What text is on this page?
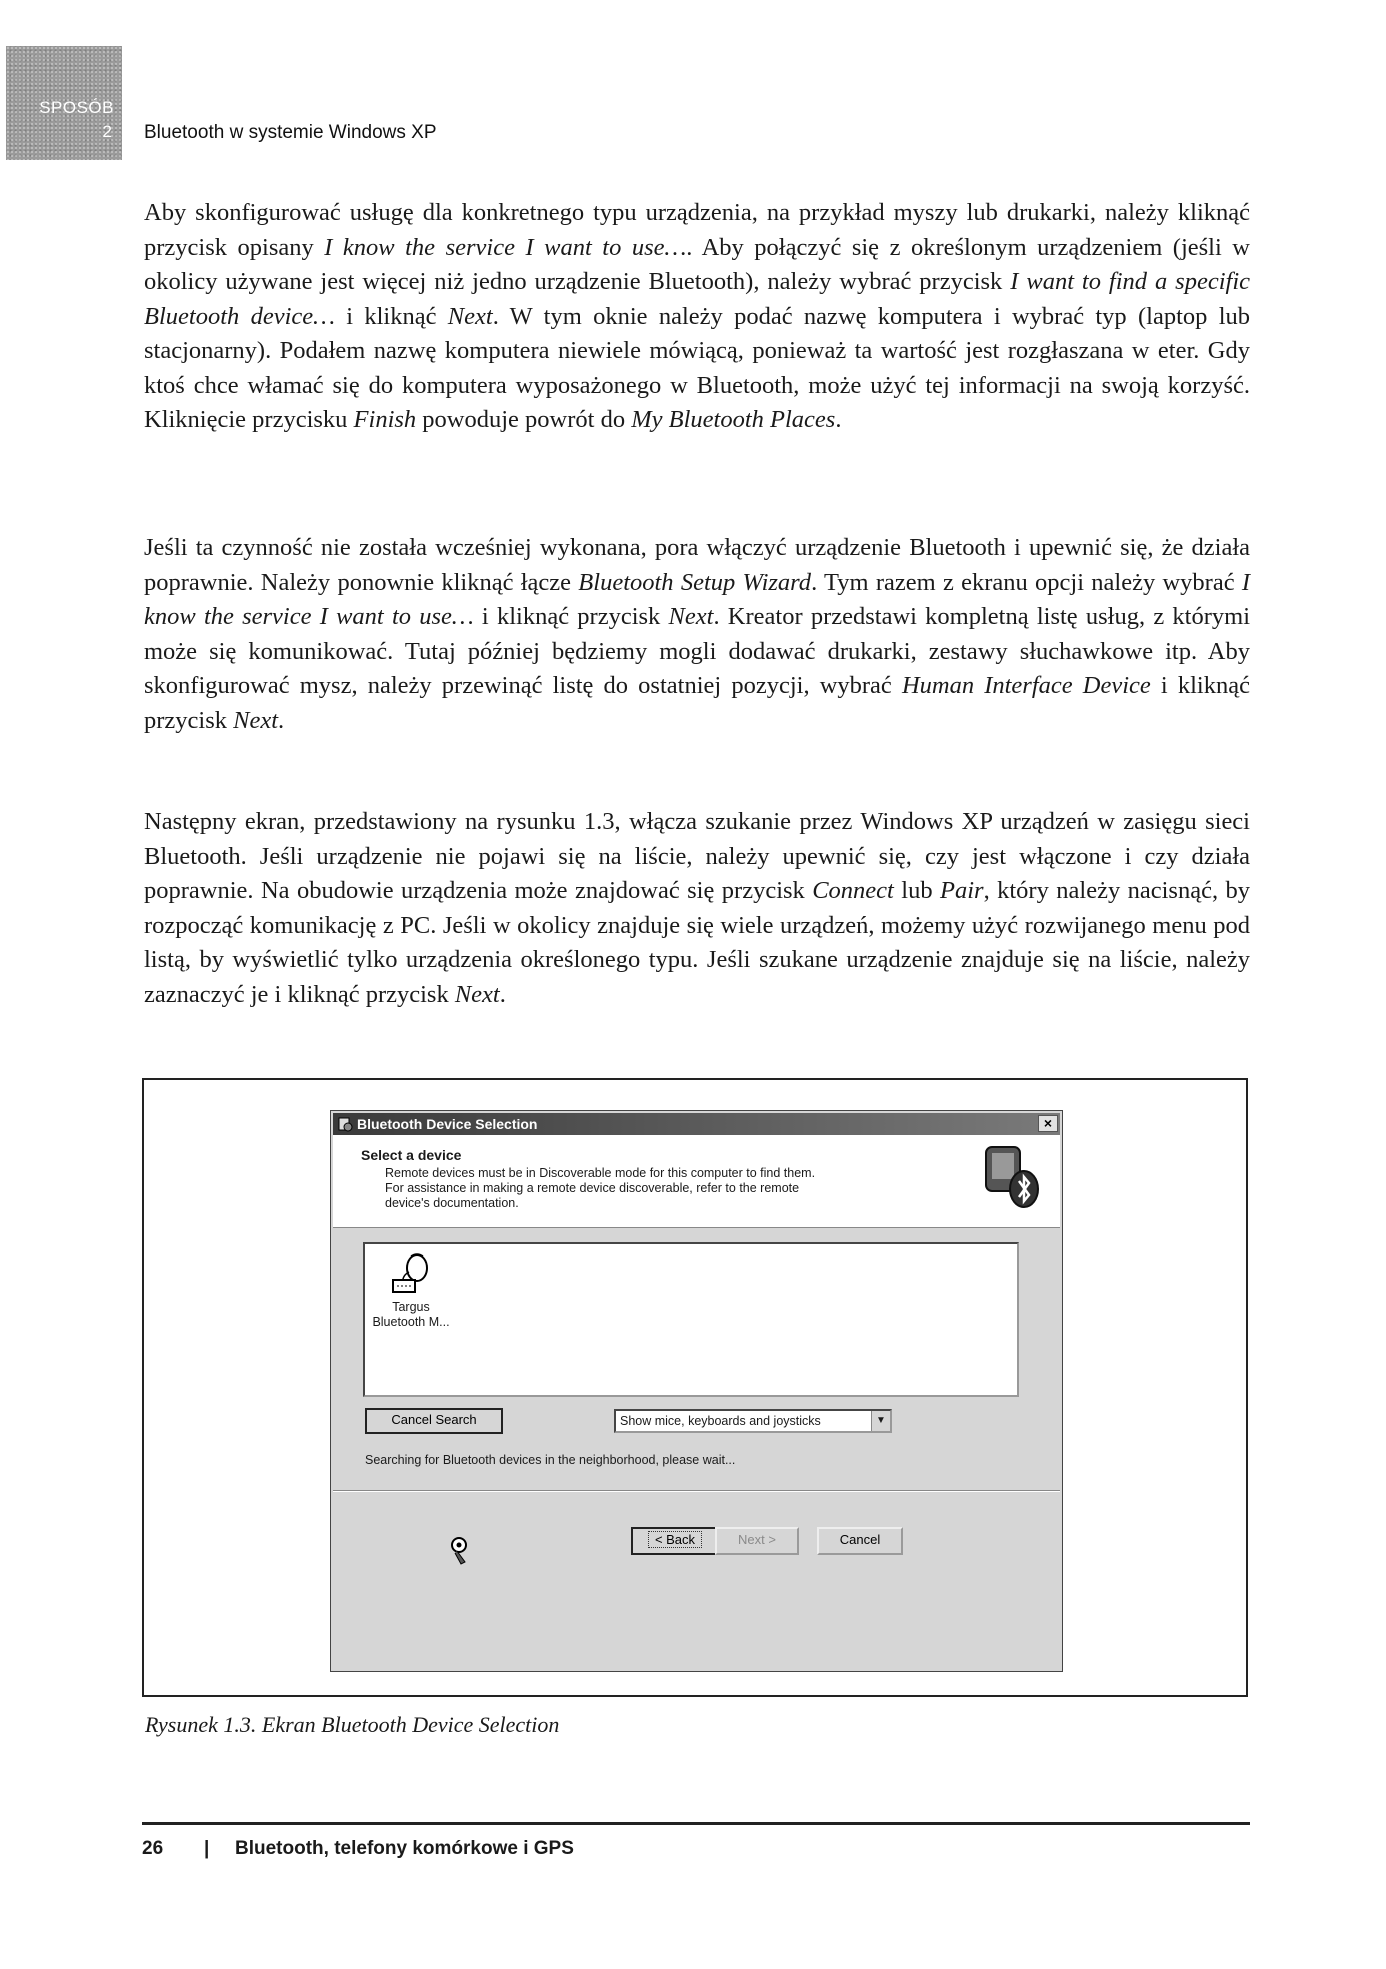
SPOSÓB
2 Bluetooth w systemie Windows XP

Aby skonfigurować usługę dla konkretnego typu urządzenia, na przykład myszy lub drukarki, należy kliknąć przycisk opisany I know the service I want to use…. Aby połączyć się z określonym urządzeniem (jeśli w okolicy używane jest więcej niż jedno urządzenie Bluetooth), należy wybrać przycisk I want to find a specific Bluetooth device… i kliknąć Next. W tym oknie należy podać nazwę komputera i wybrać typ (laptop lub stacjonarny). Podałem nazwę komputera niewiele mówiącą, ponieważ ta wartość jest rozgłaszana w eter. Gdy ktoś chce włamać się do komputera wyposażonego w Bluetooth, może użyć tej informacji na swoją korzyść. Kliknięcie przycisku Finish powoduje powrót do My Bluetooth Places.

Jeśli ta czynność nie została wcześniej wykonana, pora włączyć urządzenie Bluetooth i upewnić się, że działa poprawnie. Należy ponownie kliknąć łącze Bluetooth Setup Wizard. Tym razem z ekranu opcji należy wybrać I know the service I want to use… i kliknąć przycisk Next. Kreator przedstawi kompletną listę usług, z którymi może się komunikować. Tutaj później będziemy mogli dodawać drukarki, zestawy słuchawkowe itp. Aby skonfigurować mysz, należy przewinąć listę do ostatniej pozycji, wybrać Human Interface Device i kliknąć przycisk Next.

Następny ekran, przedstawiony na rysunku 1.3, włącza szukanie przez Windows XP urządzeń w zasięgu sieci Bluetooth. Jeśli urządzenie nie pojawi się na liście, należy upewnić się, czy jest włączone i czy działa poprawnie. Na obudowie urządzenia może znajdować się przycisk Connect lub Pair, który należy nacisnąć, by rozpocząć komunikację z PC. Jeśli w okolicy znajduje się wiele urządzeń, możemy użyć rozwijanego menu pod listą, by wyświetlić tylko urządzenia określonego typu. Jeśli szukane urządzenie znajduje się na liście, należy zaznaczyć je i kliknąć przycisk Next.

Bluetooth Device Selection	×
Select a device

Remote devices must be in Discoverable mode for this computer to find them.
For assistance in making a remote device discoverable, refer to the remote
device's documentation.

Targus
Bluetooth M...
Cancel Search	Show mice, keyboards and joysticks	▼
Searching for Bluetooth devices in the neighborhood, please wait...
< Back	Next >	Cancel
Rysunek 1.3. Ekran Bluetooth Device Selection
26 | Bluetooth, telefony komórkowe i GPS
